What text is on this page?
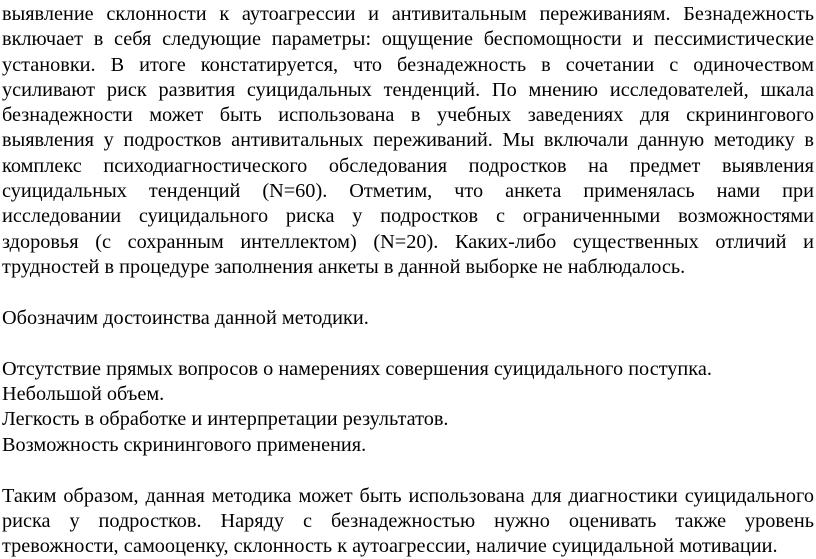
выявление склонности к аутоагрессии и антивитальным переживаниям. Безнадежность
включает в себя следующие параметры: ощущение беспомощности и пессимистические
установки. В итоге констатируется, что безнадежность в сочетании с одиночеством
усиливают риск развития суицидальных тенденций. По мнению исследователей, шкала
безнадежности может быть использована в учебных заведениях для скринингового
выявления у подростков антивитальных переживаний. Мы включали данную методику в
комплекс психодиагностического обследования подростков на предмет выявления
суицидальных тенденций (N=60). Отметим, что анкета применялась нами при
исследовании суицидального риска у подростков с ограниченными возможностями
здоровья (с сохранным интеллектом) (N=20). Каких-либо существенных отличий и
трудностей в процедуре заполнения анкеты в данной выборке не наблюдалось.
Обозначим достоинства данной методики.
Отсутствие прямых вопросов о намерениях совершения суицидального поступка.
Небольшой объем.
Легкость в обработке и интерпретации результатов.
Возможность скринингового применения.
Таким образом, данная методика может быть использована для диагностики суицидального
риска у подростков. Наряду с безнадежностью нужно оценивать также уровень
тревожности, самооценку, склонность к аутоагрессии, наличие суицидальной мотивации.
